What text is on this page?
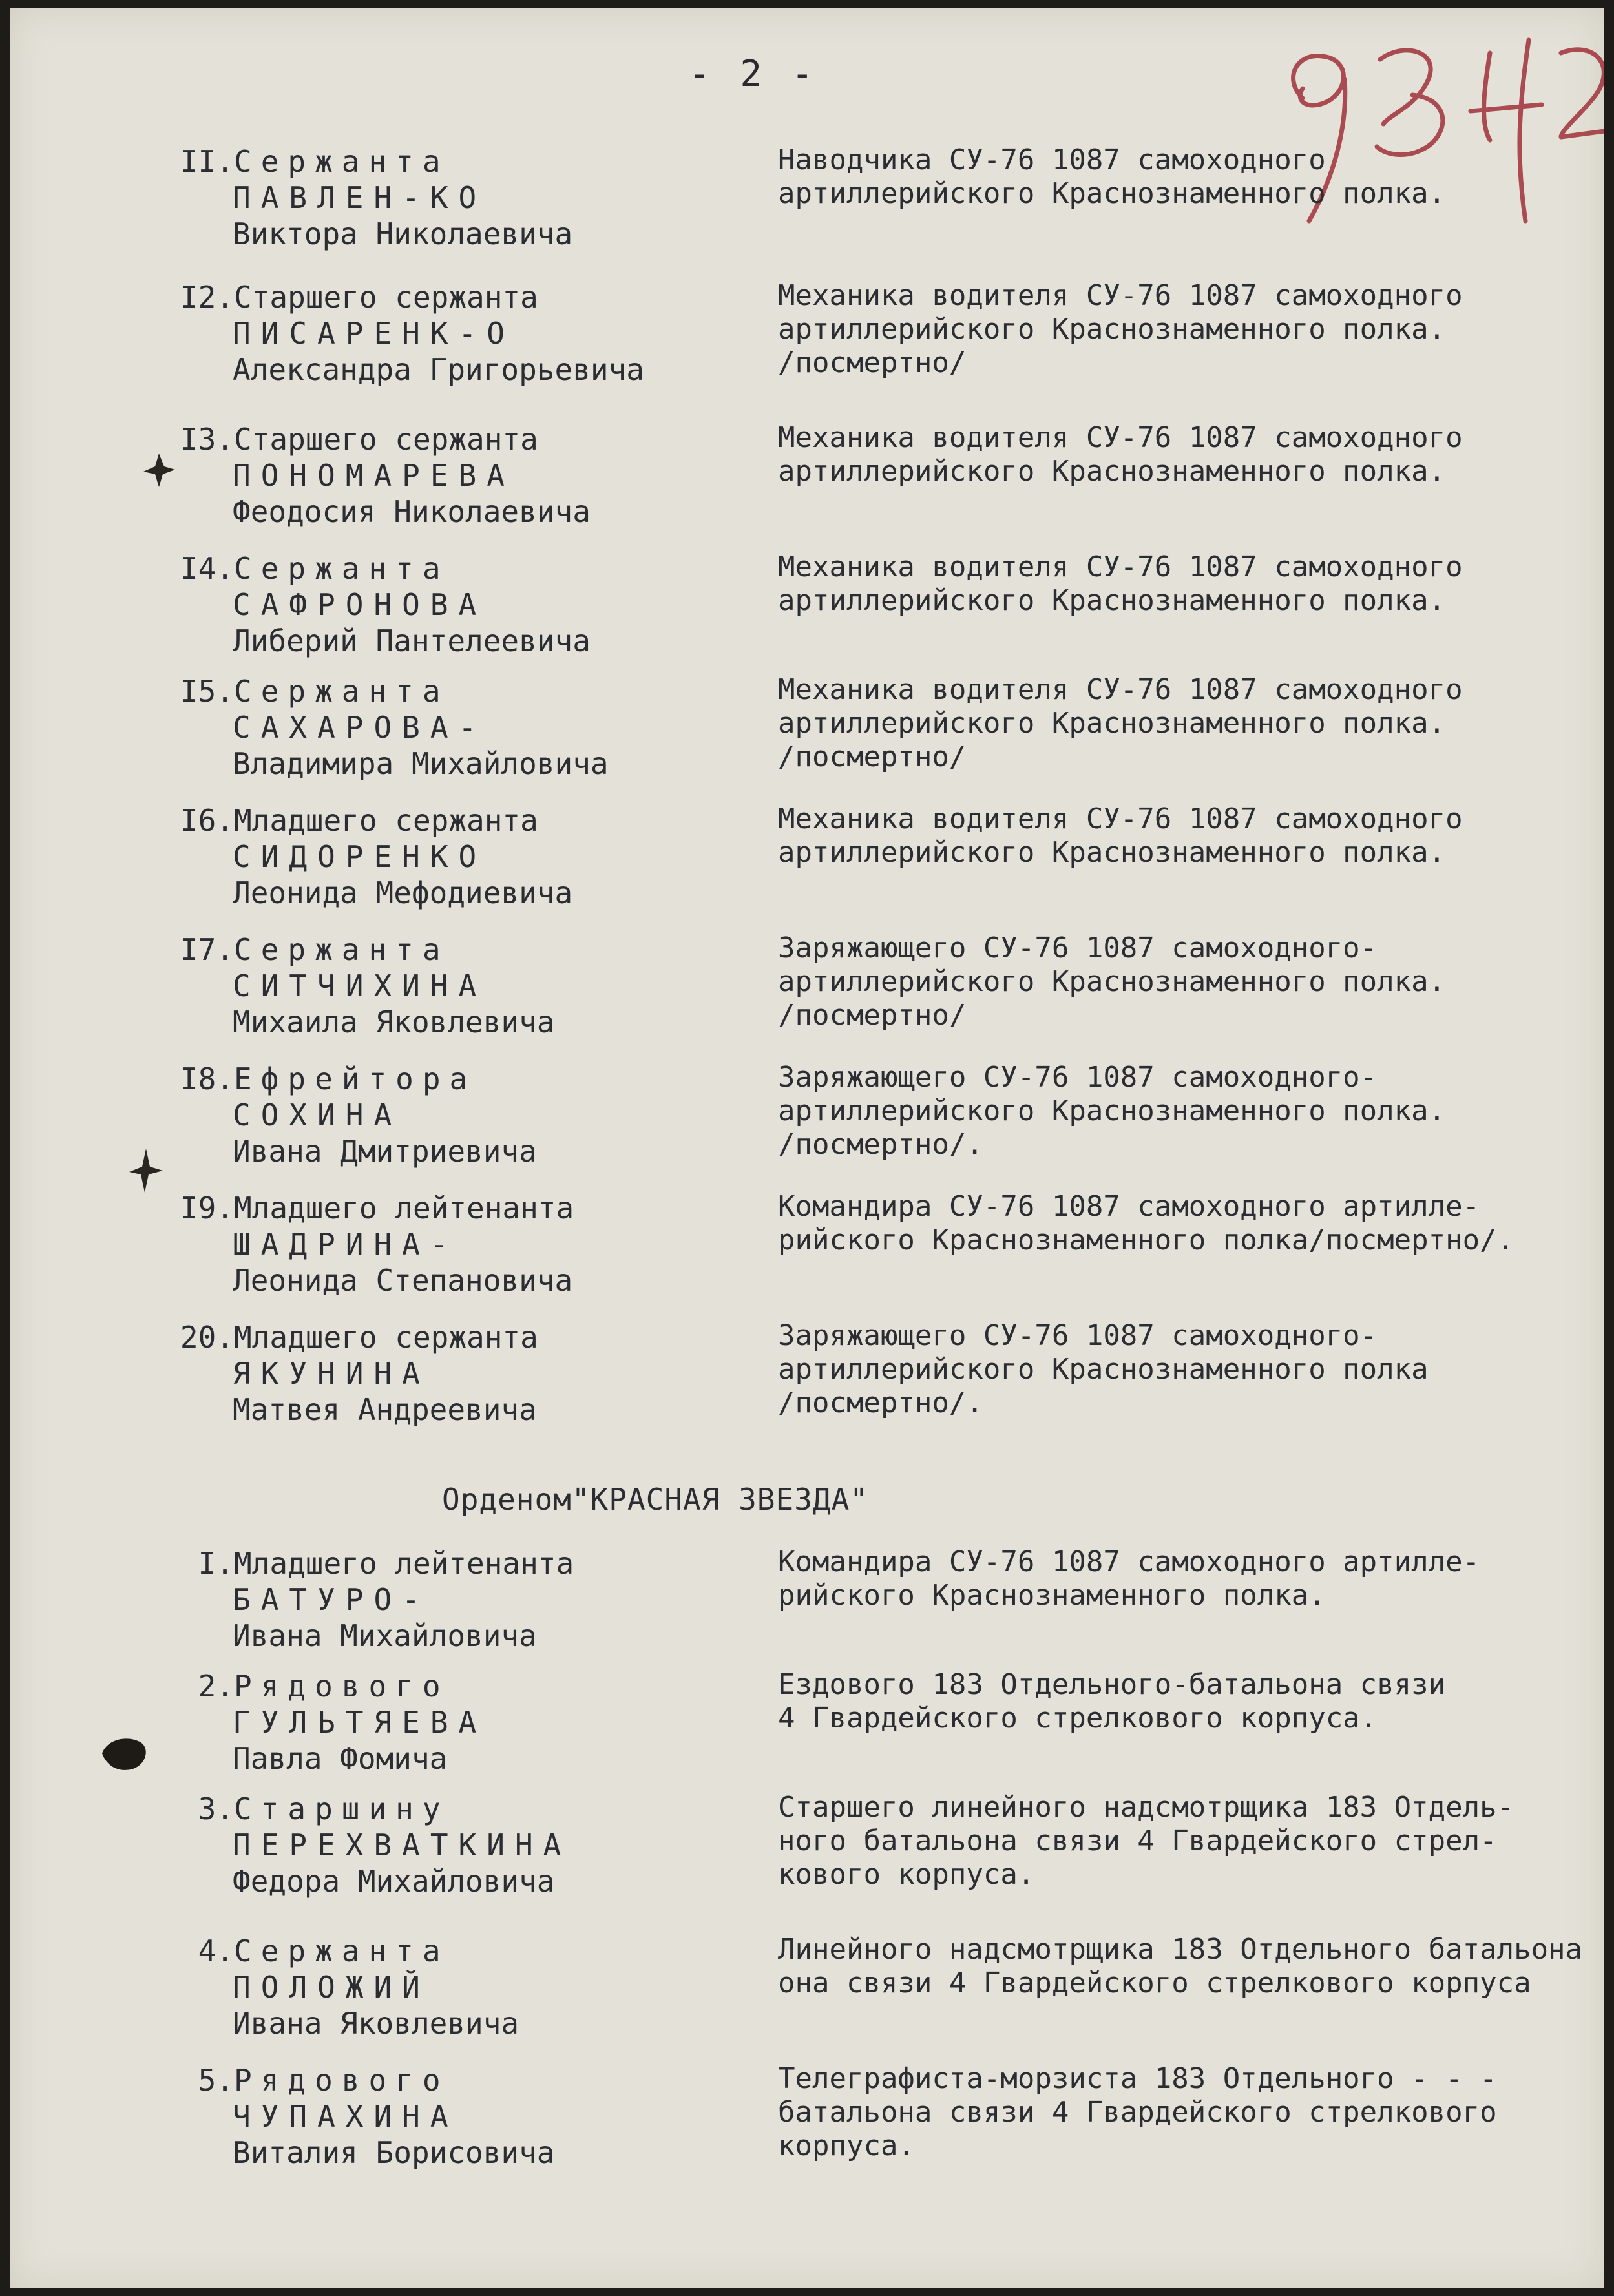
- 2 -
II.Сержанта
ПАВЛЕН-КО
Виктора Николаевича
Наводчика СУ-76 1087 самоходного
артиллерийского Краснознаменного полка.
I2.Старшего сержанта
ПИСАРЕНК-О
Александра Григорьевича
Механика водителя СУ-76 1087 самоходного
артиллерийского Краснознаменного полка.
/посмертно/
I3.Старшего сержанта
ПОНОМАРЕВА
Феодосия Николаевича
Механика водителя СУ-76 1087 самоходного
артиллерийского Краснознаменного полка.
I4.Сержанта
САФРОНОВА
Либерий Пантелеевича
Механика водителя СУ-76 1087 самоходного
артиллерийского Краснознаменного полка.
I5.Сержанта
САХАРОВА-
Владимира Михайловича
Механика водителя СУ-76 1087 самоходного
артиллерийского Краснознаменного полка.
/посмертно/
I6.Младшего сержанта
СИДОРЕНКО
Леонида Мефодиевича
Механика водителя СУ-76 1087 самоходного
артиллерийского Краснознаменного полка.
I7.Сержанта
СИТЧИХИНА
Михаила Яковлевича
Заряжающего СУ-76 1087 самоходного-
артиллерийского Краснознаменного полка.
/посмертно/
I8.Ефрейтора
СОХИНА
Ивана Дмитриевича
Заряжающего СУ-76 1087 самоходного-
артиллерийского Краснознаменного полка.
/посмертно/.
I9.Младшего лейтенанта
ШАДРИНА-
Леонида Степановича
Командира СУ-76 1087 самоходного артилле-
рийского Краснознаменного полка/посмертно/.
20.Младшего сержанта
ЯКУНИНА
Матвея Андреевича
Заряжающего СУ-76 1087 самоходного-
артиллерийского Краснознаменного полка
/посмертно/.
Орденом"КРАСНАЯ ЗВЕЗДА"
I.Младшего лейтенанта
БАТУРО-
Ивана Михайловича
Командира СУ-76 1087 самоходного артилле-
рийского Краснознаменного полка.
2.Рядового
ГУЛЬТЯЕВА
Павла Фомича
Ездового 183 Отдельного-батальона связи
4 Гвардейского стрелкового корпуса.
3.Старшину
ПЕРЕХВАТКИНА
Федора Михайловича
Старшего линейного надсмотрщика 183 Отдель-
ного батальона связи 4 Гвардейского стрел-
кового корпуса.
4.Сержанта
ПОЛОЖИЙ
Ивана Яковлевича
Линейного надсмотрщика 183 Отдельного батальона
она связи 4 Гвардейского стрелкового корпуса
5.Рядового
ЧУПАХИНА
Виталия Борисовича
Телеграфиста-морзиста 183 Отдельного - - -
батальона связи 4 Гвардейского стрелкового
корпуса.
